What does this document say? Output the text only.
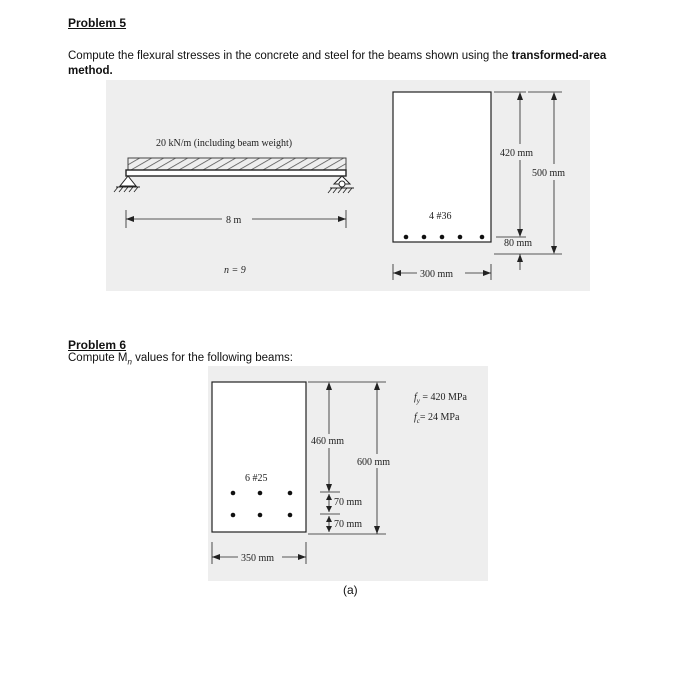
Problem 5
Compute the flexural stresses in the concrete and steel for the beams shown using the transformed-area method.
20 kN/m (including beam weight)
8 m
n = 9
4 #36
420 mm
500 mm
80 mm
300 mm
Problem 6
Compute $M_n$ values for the following beams:
6 #25
460 mm
600 mm
70 mm
70 mm
$f_y = 420$ MPa
$f_c= 24$ MPa
350 mm
(a)
